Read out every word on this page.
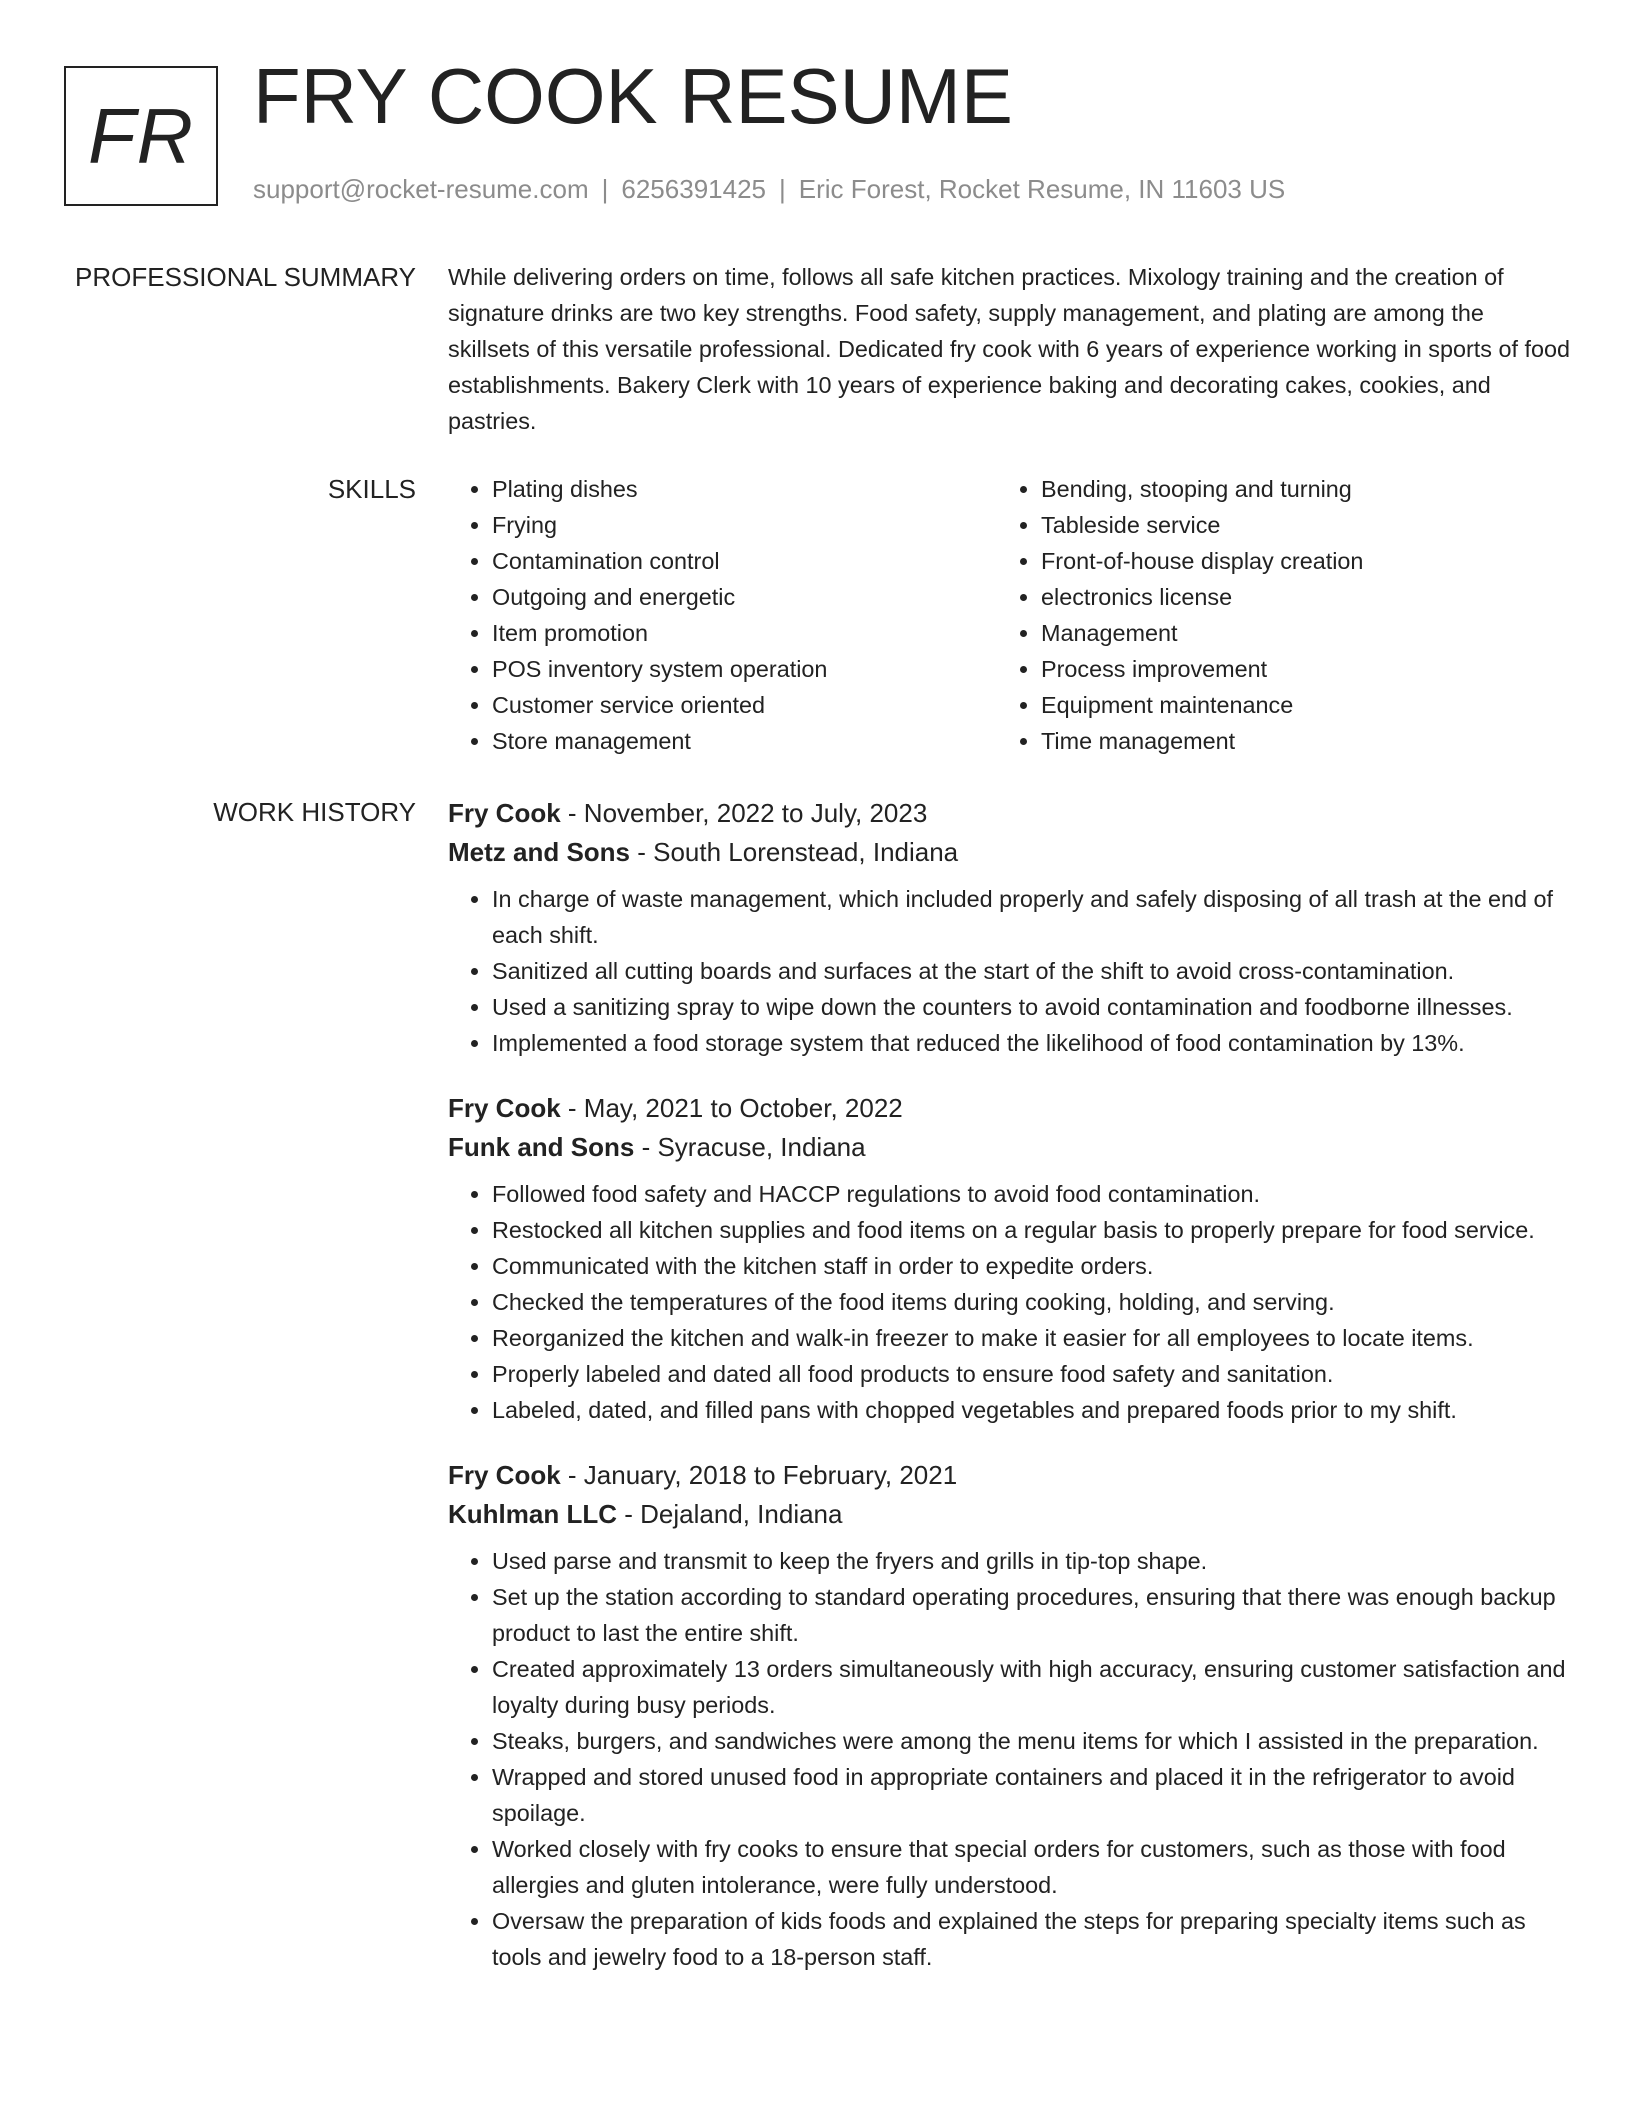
FR FRY COOK RESUME
support@rocket-resume.com | 6256391425 | Eric Forest, Rocket Resume, IN 11603 US
PROFESSIONAL SUMMARY While delivering orders on time, follows all safe kitchen practices. Mixology training and the creation of signature drinks are two key strengths. Food safety, supply management, and plating are among the skillsets of this versatile professional. Dedicated fry cook with 6 years of experience working in sports of food establishments. Bakery Clerk with 10 years of experience baking and decorating cakes, cookies, and pastries.

SKILLS
•	Plating dishes
• Frying
• Contamination control
• Outgoing and energetic
• Item promotion
• POS inventory system operation
• Customer service oriented
• Store management
• Bending, stooping and turning
• Tableside service
• Front-of-house display creation
• electronics license
• Management
• Process improvement
• Equipment maintenance
• Time management
WORK HISTORY Fry Cook - November, 2022 to July, 2023
Metz and Sons - South Lorenstead, Indiana
• In charge of waste management, which included properly and safely disposing of all trash at the end of each shift.
• Sanitized all cutting boards and surfaces at the start of the shift to avoid cross-contamination.
• Used a sanitizing spray to wipe down the counters to avoid contamination and foodborne illnesses.
• Implemented a food storage system that reduced the likelihood of food contamination by 13%.
Fry Cook - May, 2021 to October, 2022
Funk and Sons - Syracuse, Indiana
• Followed food safety and HACCP regulations to avoid food contamination.
• Restocked all kitchen supplies and food items on a regular basis to properly prepare for food service.
• Communicated with the kitchen staff in order to expedite orders.
• Checked the temperatures of the food items during cooking, holding, and serving.
• Reorganized the kitchen and walk-in freezer to make it easier for all employees to locate items.
• Properly labeled and dated all food products to ensure food safety and sanitation.
• Labeled, dated, and filled pans with chopped vegetables and prepared foods prior to my shift.
Fry Cook - January, 2018 to February, 2021
Kuhlman LLC - Dejaland, Indiana
• Used parse and transmit to keep the fryers and grills in tip-top shape.
• Set up the station according to standard operating procedures, ensuring that there was enough backup product to last the entire shift.
• Created approximately 13 orders simultaneously with high accuracy, ensuring customer satisfaction and loyalty during busy periods.
• Steaks, burgers, and sandwiches were among the menu items for which I assisted in the preparation.
• Wrapped and stored unused food in appropriate containers and placed it in the refrigerator to avoid spoilage.
• Worked closely with fry cooks to ensure that special orders for customers, such as those with food allergies and gluten intolerance, were fully understood.
• Oversaw the preparation of kids foods and explained the steps for preparing specialty items such as tools and jewelry food to a 18-person staff.
